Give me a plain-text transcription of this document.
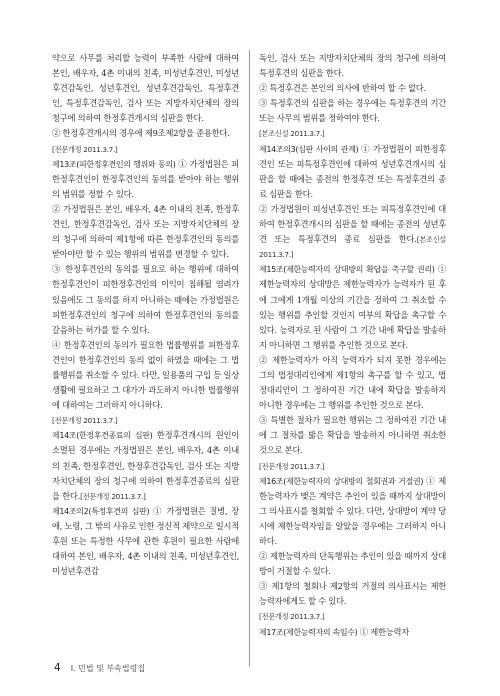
약으로 사무를 처리할 능력이 부족한 사람에 대하여 본인, 배우자, 4촌 이내의 친족, 미성년후견인, 미성년후견감독인, 성년후견인, 성년후견감독인, 특정후견인, 특정후견감독인, 검사 또는 지방자치단체의 장의 청구에 의하여 한정후견개시의 심판을 한다.
② 한정후견개시의 경우에 제9조제2항을 준용한다.
[전문개정 2011.3.7.]
제13조(피한정후견인의 행위와 동의) ① 가정법원은 피한정후견인이 한정후견인의 동의를 받아야 하는 행위의 범위를 정할 수 있다.
② 가정법원은 본인, 배우자, 4촌 이내의 친족, 한정후견인, 한정후견감독인, 검사 또는 지방자치단체의 장의 청구에 의하여 제1항에 따른 한정후견인의 동의를 받아야만 할 수 있는 행위의 범위를 변경할 수 있다.
③ 한정후견인의 동의를 필요로 하는 행위에 대하여 한정후견인이 피한정후견인의 이익이 침해될 염려가 있음에도 그 동의를 하지 아니하는 때에는 가정법원은 피한정후견인의 청구에 의하여 한정후견인의 동의를 갈음하는 허가를 할 수 있다.
④ 한정후견인의 동의가 필요한 법률행위를 피한정후견인이 한정후견인의 동의 없이 하였을 때에는 그 법률행위를 취소할 수 있다. 다만, 일용품의 구입 등 일상생활에 필요하고 그 대가가 과도하지 아니한 법률행위에 대하여는 그러하지 아니하다.
[전문개정 2011.3.7.]
제14조(한정후견종료의 심판) 한정후견개시의 원인이 소멸된 경우에는 가정법원은 본인, 배우자, 4촌 이내의 친족, 한정후견인, 한정후견감독인, 검사 또는 지방자치단체의 장의 청구에 의하여 한정후견종료의 심판을 한다.[전문개정 2011.3.7.]
제14조의2(특정후견의 심판) ① 가정법원은 질병, 장애, 노령, 그 밖의 사유로 인한 정신적 제약으로 일시적 후원 또는 특정한 사무에 관한 후원이 필요한 사람에 대하여 본인, 배우자, 4촌 이내의 친족, 미성년후견인, 미성년후견감
독인, 검사 또는 지방자치단체의 장의 청구에 의하여 특정후견의 심판을 한다.
② 특정후견은 본인의 의사에 반하여 할 수 없다.
③ 특정후견의 심판을 하는 경우에는 특정후견의 기간 또는 사무의 범위를 정하여야 한다.
[본조신설 2011.3.7.]
제14조의3(심판 사이의 관계) ① 가정법원이 피한정후견인 또는 피특정후견인에 대하여 성년후견개시의 심판을 할 때에는 종전의 한정후견 또는 특정후견의 종료 심판을 한다.
② 가정법원이 피성년후견인 또는 피특정후견인에 대하여 한정후견개시의 심판을 할 때에는 종전의 성년후견 또는 특정후견의 종료 심판을 한다.[본조신설 2011.3.7.]
제15조(제한능력자의 상대방의 확답을 촉구할 권리) ① 제한능력자의 상대방은 제한능력자가 능력자가 된 후에 그에게 1개월 이상의 기간을 정하여 그 취소할 수 있는 행위를 추인할 것인지 여부의 확답을 촉구할 수 있다. 능력자로 된 사람이 그 기간 내에 확답을 발송하지 아니하면 그 행위를 추인한 것으로 본다.
② 제한능력자가 아직 능력자가 되지 못한 경우에는 그의 법정대리인에게 제1항의 촉구를 할 수 있고, 법정대리인이 그 정하여진 기간 내에 확답을 발송하지 아니한 경우에는 그 행위를 추인한 것으로 본다.
③ 특별한 절차가 필요한 행위는 그 정하여진 기간 내에 그 절차를 밟은 확답을 발송하지 아니하면 취소한 것으로 본다.
[전문개정 2011.3.7.]
제16조(제한능력자의 상대방의 철회권과 거절권) ① 제한능력자가 맺은 계약은 추인이 있을 때까지 상대방이 그 의사표시를 철회할 수 있다. 다만, 상대방이 계약 당시에 제한능력자임을 알았을 경우에는 그러하지 아니하다.
② 제한능력자의 단독행위는 추인이 있을 때까지 상대방이 거절할 수 있다.
③ 제1항의 철회나 제2항의 거절의 의사표시는 제한능력자에게도 할 수 있다.
[전문개정 2011.3.7.]
제17조(제한능력자의 속임수) ① 제한능력자
4 Ⅰ. 민법 및 부속법령집
